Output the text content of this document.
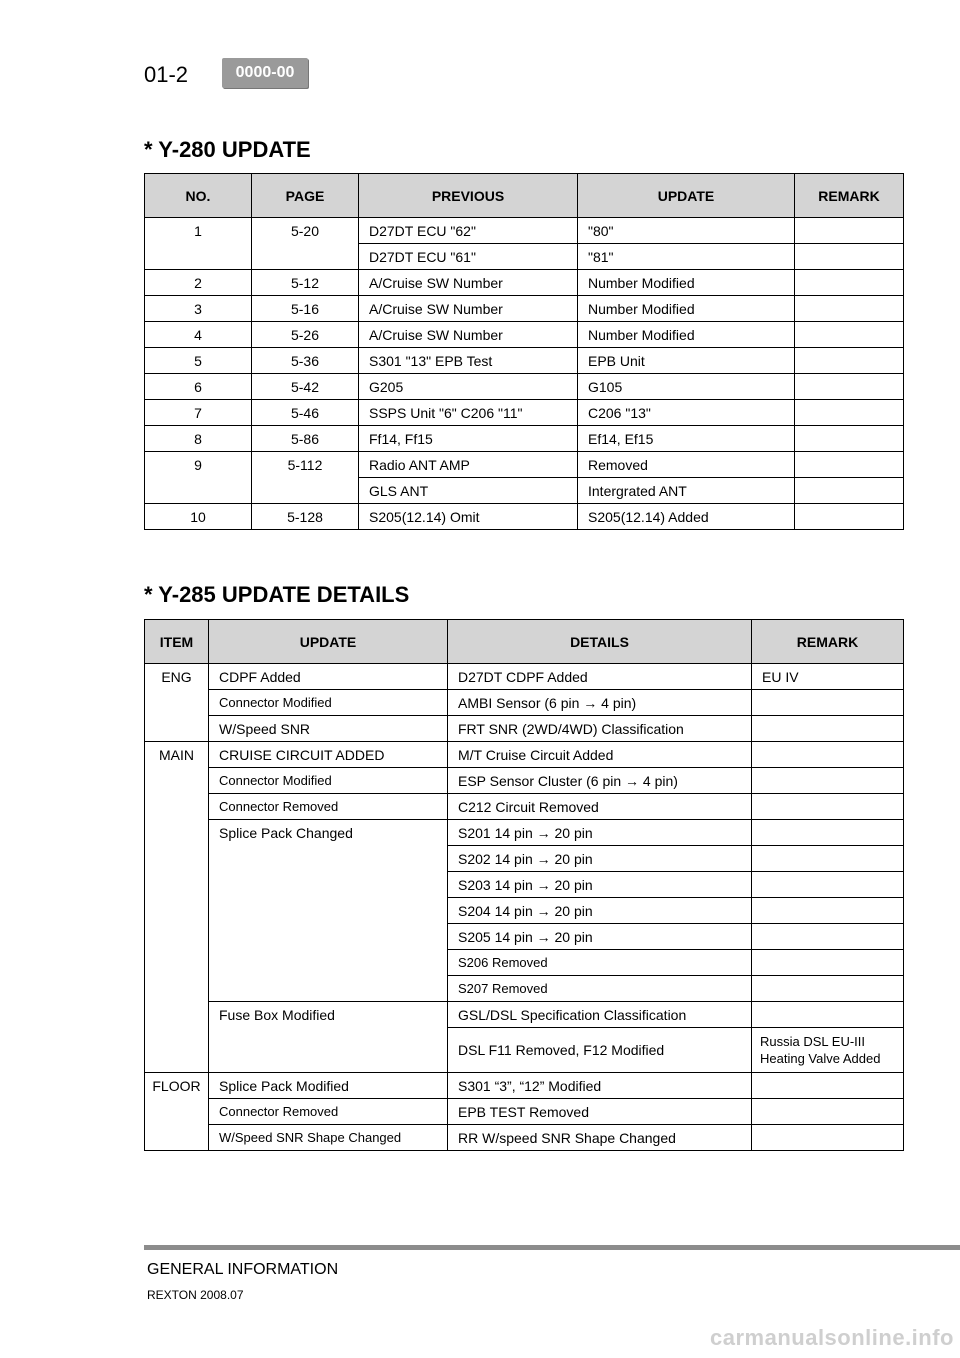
01-2	0000-00
* Y-280 UPDATE
NO.	PAGE	PREVIOUS	UPDATE	REMARK
1	5-20	D27DT ECU "62"	"80"	
		D27DT ECU "61"	"81"	
2	5-12	A/Cruise SW Number	Number Modified	
3	5-16	A/Cruise SW Number	Number Modified	
4	5-26	A/Cruise SW Number	Number Modified	
5	5-36	S301 "13" EPB Test	EPB Unit	
6	5-42	G205	G105	
7	5-46	SSPS Unit "6" C206 "11"	C206 "13"	
8	5-86	Ff14, Ff15	Ef14, Ef15	
9	5-112	Radio ANT AMP	Removed	
		GLS ANT	Intergrated ANT	
10	5-128	S205(12.14) Omit	S205(12.14) Added	
* Y-285 UPDATE DETAILS
ITEM	UPDATE	DETAILS	REMARK
ENG	CDPF Added	D27DT CDPF Added	EU IV
	Connector Modified	AMBI Sensor (6 pin → 4 pin)	
	W/Speed SNR	FRT SNR (2WD/4WD) Classification	
MAIN	CRUISE CIRCUIT ADDED	M/T Cruise Circuit Added	
	Connector Modified	ESP Sensor Cluster (6 pin → 4 pin)	
	Connector Removed	C212 Circuit Removed	
	Splice Pack Changed	S201 14 pin → 20 pin	
		S202 14 pin → 20 pin	
		S203 14 pin → 20 pin	
		S204 14 pin → 20 pin	
		S205 14 pin → 20 pin	
		S206 Removed	
		S207 Removed	
	Fuse Box Modified	GSL/DSL Specification Classification	
		DSL F11 Removed, F12 Modified	Russia DSL EU-III Heating Valve Added
FLOOR	Splice Pack Modified	S301 “3”, “12” Modified	
	Connector Removed	EPB TEST Removed	
	W/Speed SNR Shape Changed	RR W/speed SNR Shape Changed	
GENERAL INFORMATION
REXTON 2008.07
carmanualsonline.info
